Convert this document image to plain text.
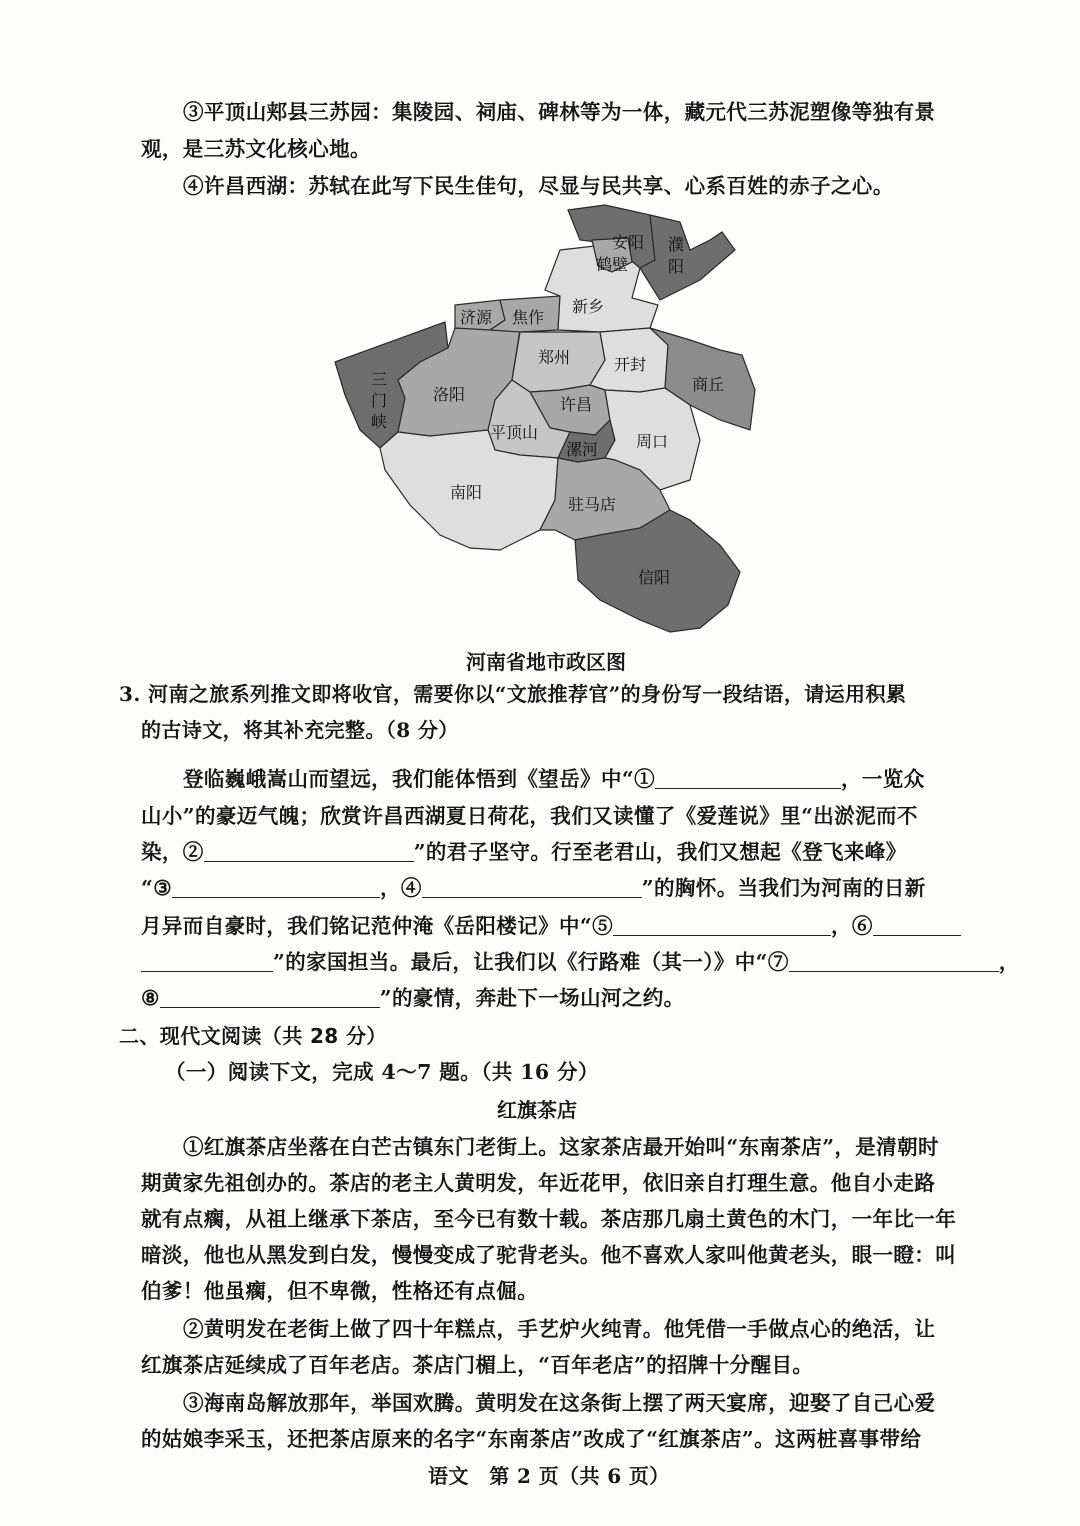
③平顶山郏县三苏园：集陵园、祠庙、碑林等为一体，藏元代三苏泥塑像等独有景
观，是三苏文化核心地。
④许昌西湖：苏轼在此写下民生佳句，尽显与民共享、心系百姓的赤子之心。
安阳 濮
阳
鹤壁
新乡
济源 焦作
郑州	开封
商丘
三
门
峡
洛阳
许昌
平顶山
漯河 周口
南阳
驻马店
信阳
河南省地市政区图
3. 河南之旅系列推文即将收官，需要你以“文旅推荐官”的身份写一段结语，请运用积累
的古诗文，将其补充完整。（8 分）
登临巍峨嵩山而望远，我们能体悟到《望岳》中“①	，一览众
山小”的豪迈气魄；欣赏许昌西湖夏日荷花，我们又读懂了《爱莲说》里“出淤泥而不
染，②	”的君子坚守。行至老君山，我们又想起《登飞来峰》
“③	，④	”的胸怀。当我们为河南的日新
月异而自豪时，我们铭记范仲淹《岳阳楼记》中“⑤	，⑥
”的家国担当。最后，让我们以《行路难（其一）》中“⑦	，
⑧	”的豪情，奔赴下一场山河之约。
二、现代文阅读（共 28 分）
（一）阅读下文，完成 4～7 题。（共 16 分）
红旗茶店
①红旗茶店坐落在白芒古镇东门老街上。这家茶店最开始叫“东南茶店”，是清朝时
期黄家先祖创办的。茶店的老主人黄明发，年近花甲，依旧亲自打理生意。他自小走路
就有点瘸，从祖上继承下茶店，至今已有数十载。茶店那几扇土黄色的木门，一年比一年
暗淡，他也从黑发到白发，慢慢变成了驼背老头。他不喜欢人家叫他黄老头，眼一瞪：叫
伯爹！他虽瘸，但不卑微，性格还有点倔。
②黄明发在老街上做了四十年糕点，手艺炉火纯青。他凭借一手做点心的绝活，让
红旗茶店延续成了百年老店。茶店门楣上，“百年老店”的招牌十分醒目。
③海南岛解放那年，举国欢腾。黄明发在这条街上摆了两天宴席，迎娶了自己心爱
的姑娘李采玉，还把茶店原来的名字“东南茶店”改成了“红旗茶店”。这两桩喜事带给
语文　第 2 页（共 6 页）
